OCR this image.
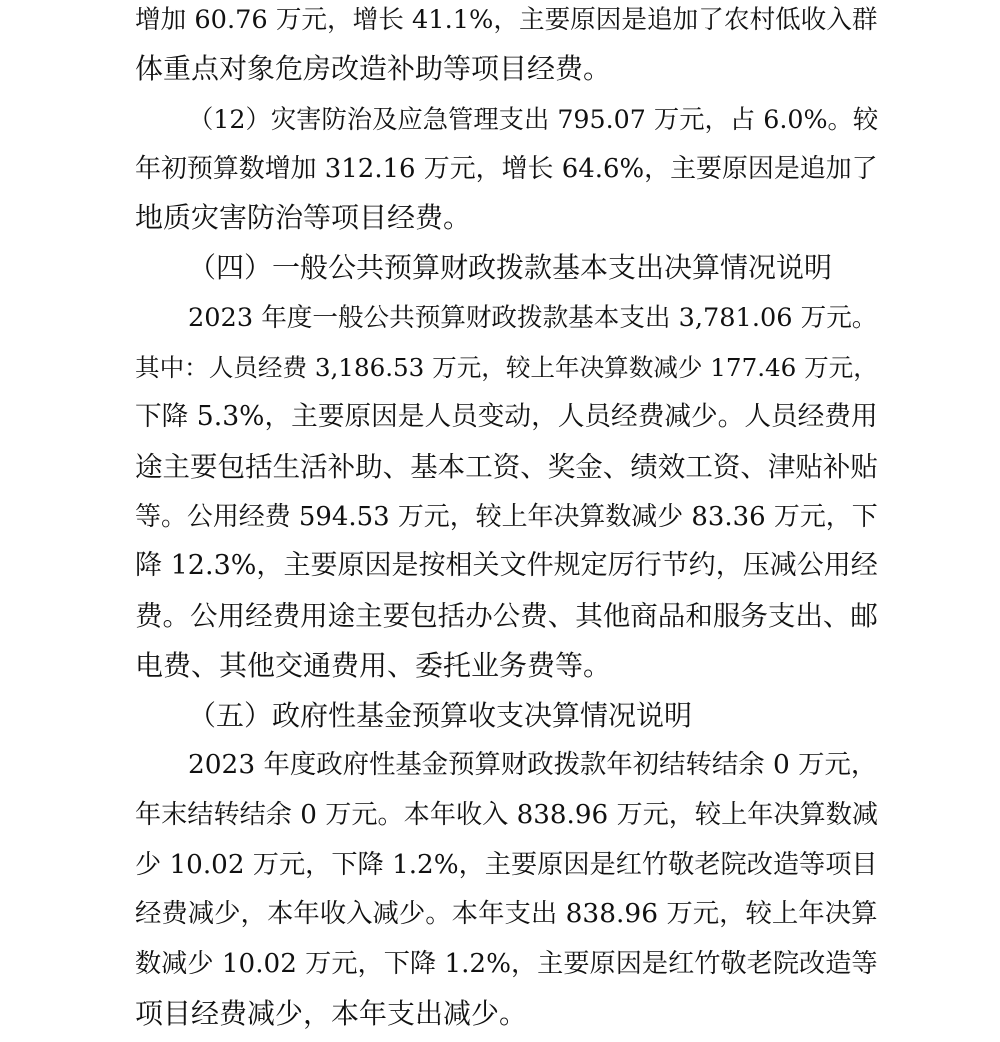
增加 60.76 万元，增长 41.1%，主要原因是追加了农村低收入群
体重点对象危房改造补助等项目经费。
（12）灾害防治及应急管理支出 795.07 万元，占 6.0%。较
年初预算数增加 312.16 万元，增长 64.6%，主要原因是追加了
地质灾害防治等项目经费。
（四）一般公共预算财政拨款基本支出决算情况说明
2023 年度一般公共预算财政拨款基本支出 3,781.06 万元。
其中：人员经费 3,186.53 万元，较上年决算数减少 177.46 万元，
下降 5.3%，主要原因是人员变动，人员经费减少。人员经费用
途主要包括生活补助、基本工资、奖金、绩效工资、津贴补贴
等。公用经费 594.53 万元，较上年决算数减少 83.36 万元，下
降 12.3%，主要原因是按相关文件规定厉行节约，压减公用经
费。公用经费用途主要包括办公费、其他商品和服务支出、邮
电费、其他交通费用、委托业务费等。
（五）政府性基金预算收支决算情况说明
2023 年度政府性基金预算财政拨款年初结转结余 0 万元，
年末结转结余 0 万元。本年收入 838.96 万元，较上年决算数减
少 10.02 万元，下降 1.2%，主要原因是红竹敬老院改造等项目
经费减少，本年收入减少。本年支出 838.96 万元，较上年决算
数减少 10.02 万元，下降 1.2%，主要原因是红竹敬老院改造等
项目经费减少，本年支出减少。
